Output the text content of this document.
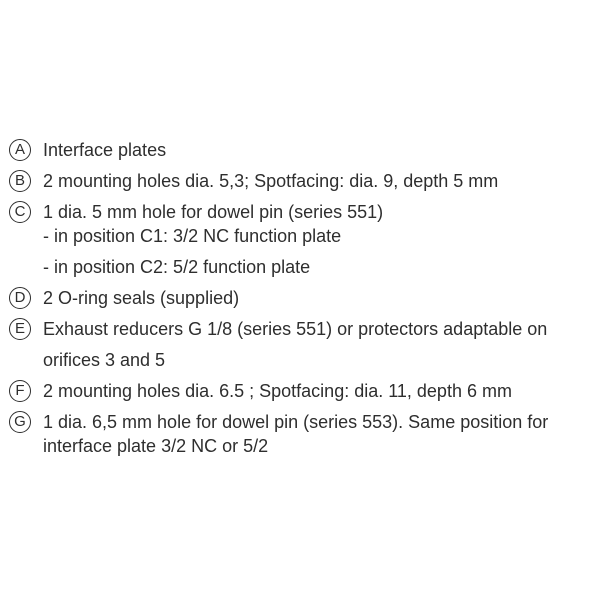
A	Interface plates
B	2 mounting holes dia. 5,3; Spotfacing: dia. 9, depth 5 mm
C 1 dia. 5 mm hole for dowel pin (series 551)
- in position C1: 3/2 NC function plate
- in position C2: 5/2 function plate
D 2 O-ring seals (supplied)
E	Exhaust reducers G 1/8 (series 551) or protectors adaptable on
orifices 3 and 5
F	2 mounting holes dia. 6.5 ; Spotfacing: dia. 11, depth 6 mm
G 1 dia. 6,5 mm hole for dowel pin (series 553). Same position for
interface plate 3/2 NC or 5/2
